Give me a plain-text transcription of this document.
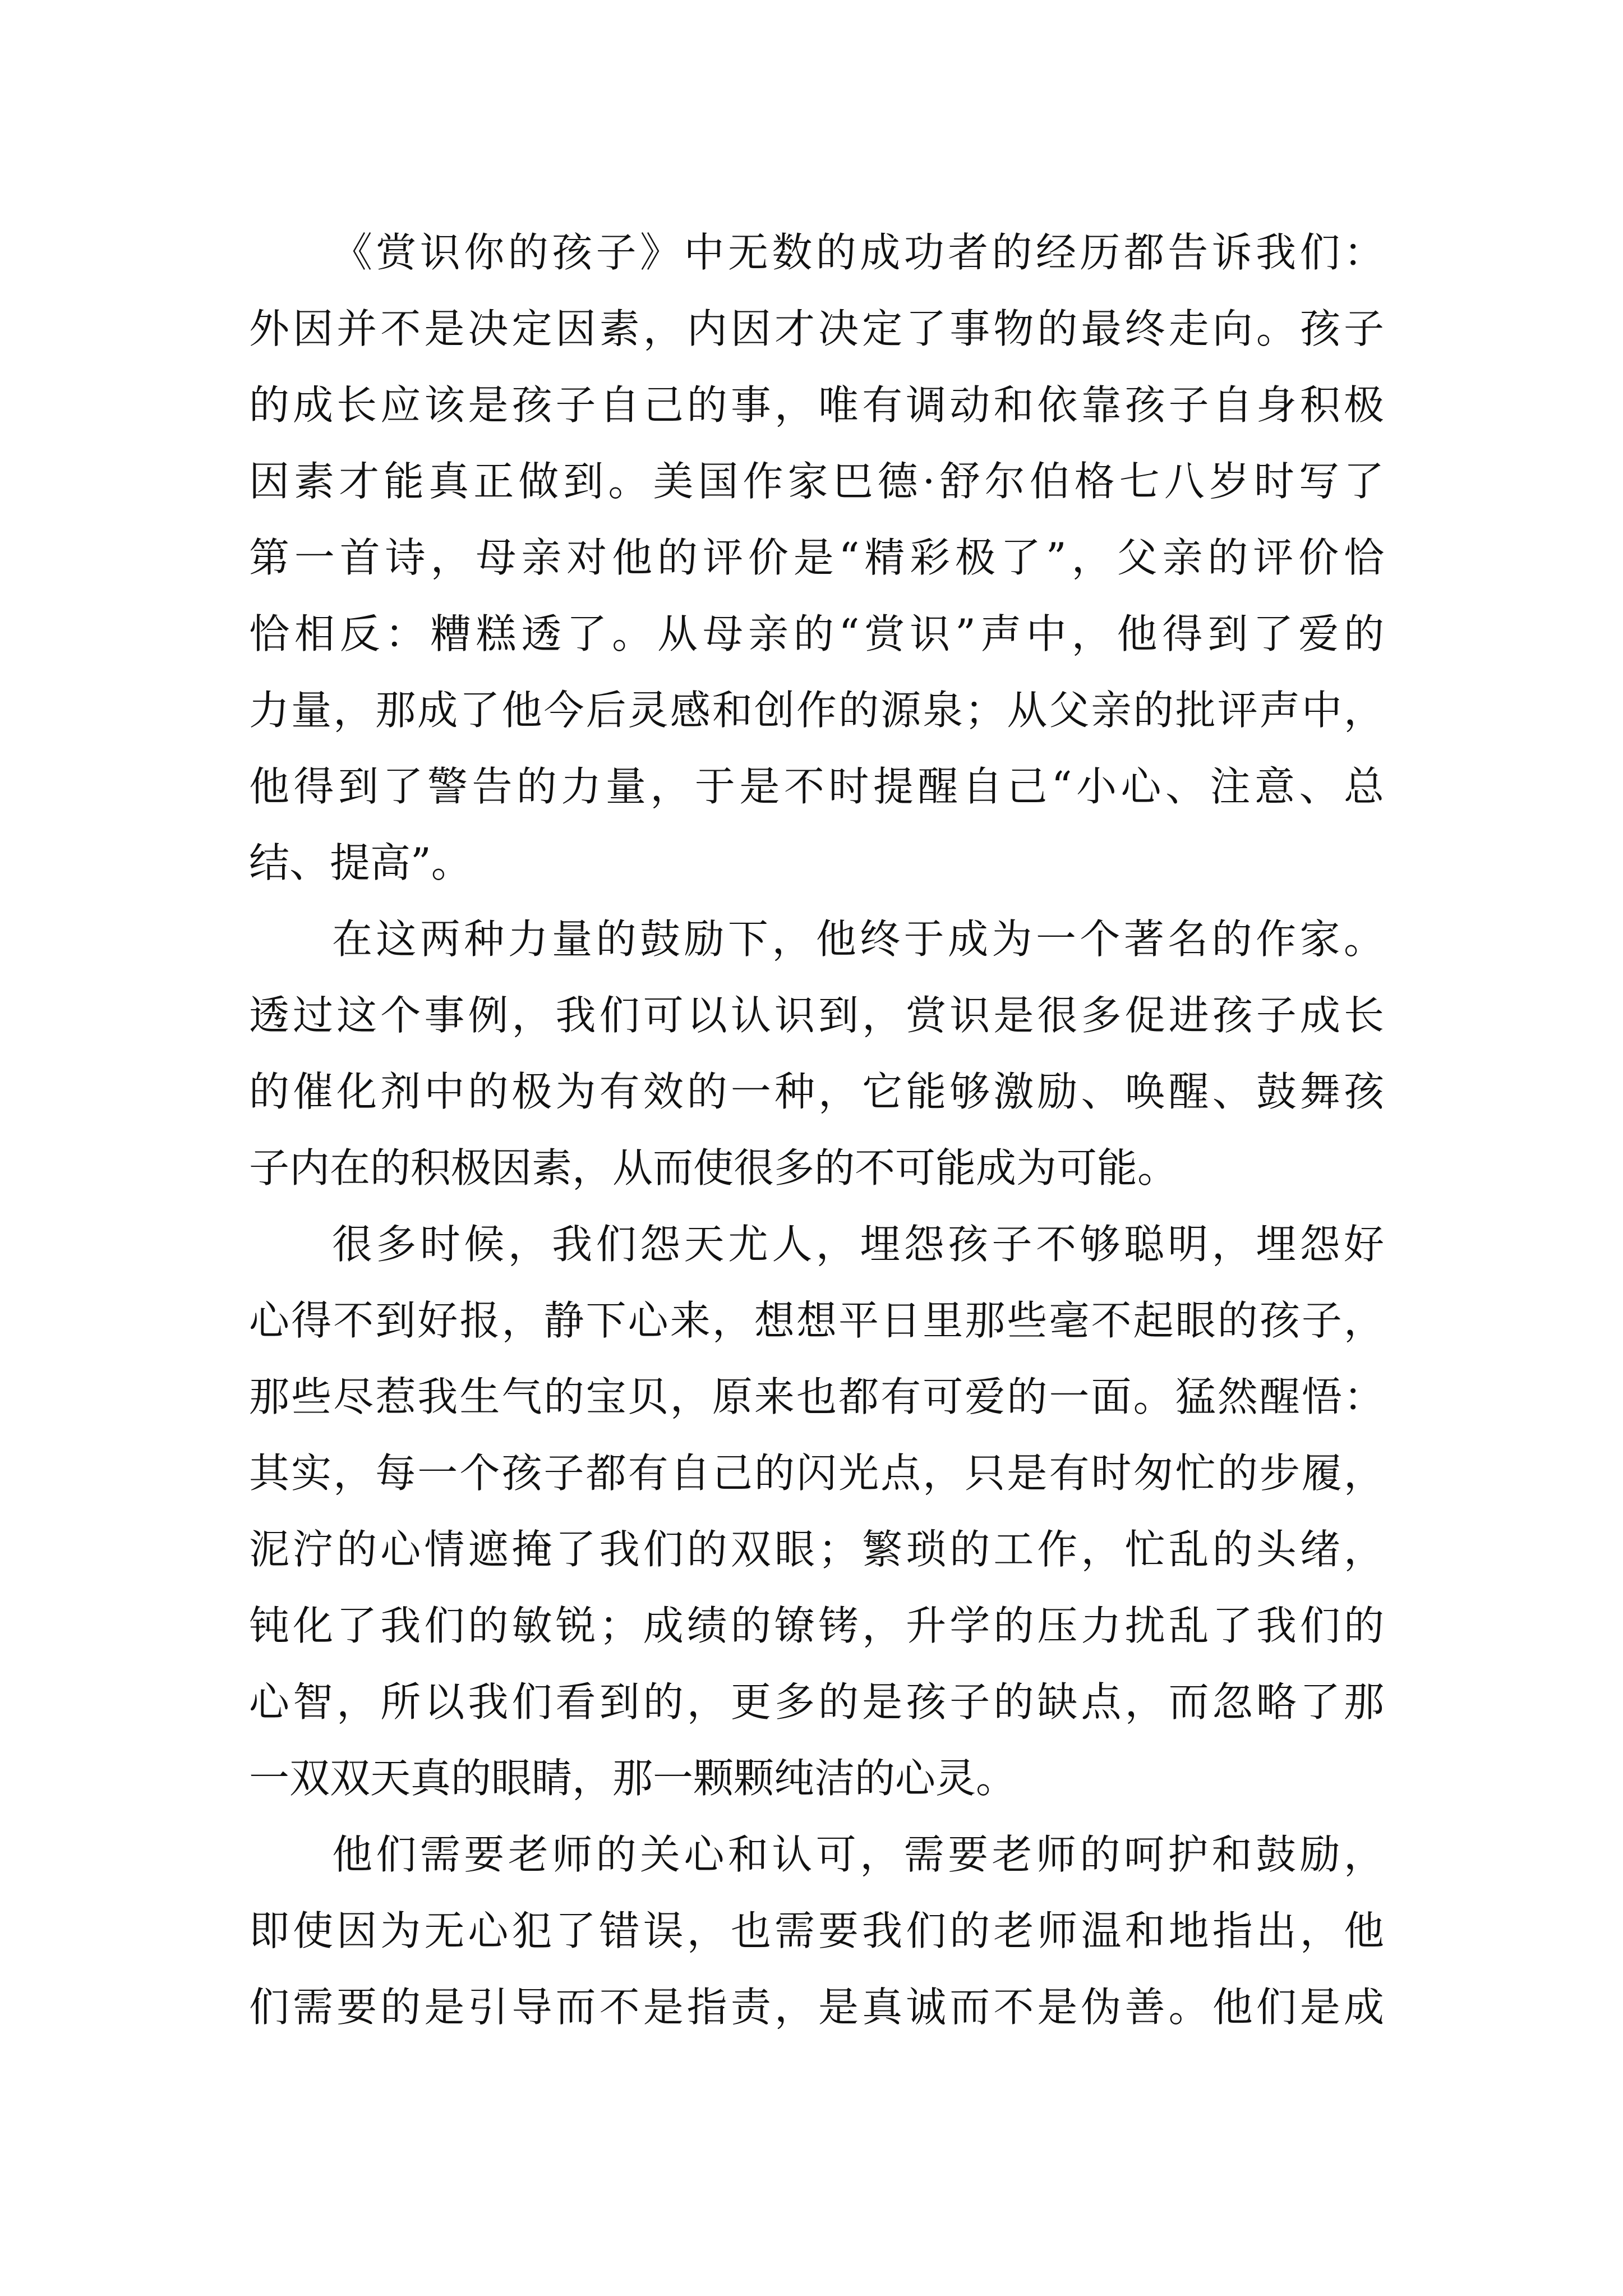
《赏识你的孩子》中无数的成功者的经历都告诉我们：
外因并不是决定因素，内因才决定了事物的最终走向。孩子
的成长应该是孩子自己的事，唯有调动和依靠孩子自身积极
因素才能真正做到。美国作家巴德·舒尔伯格七八岁时写了
第一首诗，母亲对他的评价是“精彩极了”，父亲的评价恰
恰相反：糟糕透了。从母亲的“赏识”声中，他得到了爱的
力量，那成了他今后灵感和创作的源泉；从父亲的批评声中，
他得到了警告的力量，于是不时提醒自己“小心、注意、总
结、提高”。
在这两种力量的鼓励下，他终于成为一个著名的作家。
透过这个事例，我们可以认识到，赏识是很多促进孩子成长
的催化剂中的极为有效的一种，它能够激励、唤醒、鼓舞孩
子内在的积极因素，从而使很多的不可能成为可能。
很多时候，我们怨天尤人，埋怨孩子不够聪明，埋怨好
心得不到好报，静下心来，想想平日里那些毫不起眼的孩子，
那些尽惹我生气的宝贝，原来也都有可爱的一面。猛然醒悟：
其实，每一个孩子都有自己的闪光点，只是有时匆忙的步履，
泥泞的心情遮掩了我们的双眼；繁琐的工作，忙乱的头绪，
钝化了我们的敏锐；成绩的镣铐，升学的压力扰乱了我们的
心智，所以我们看到的，更多的是孩子的缺点，而忽略了那
一双双天真的眼睛，那一颗颗纯洁的心灵。
他们需要老师的关心和认可，需要老师的呵护和鼓励，
即使因为无心犯了错误，也需要我们的老师温和地指出，他
们需要的是引导而不是指责，是真诚而不是伪善。他们是成
